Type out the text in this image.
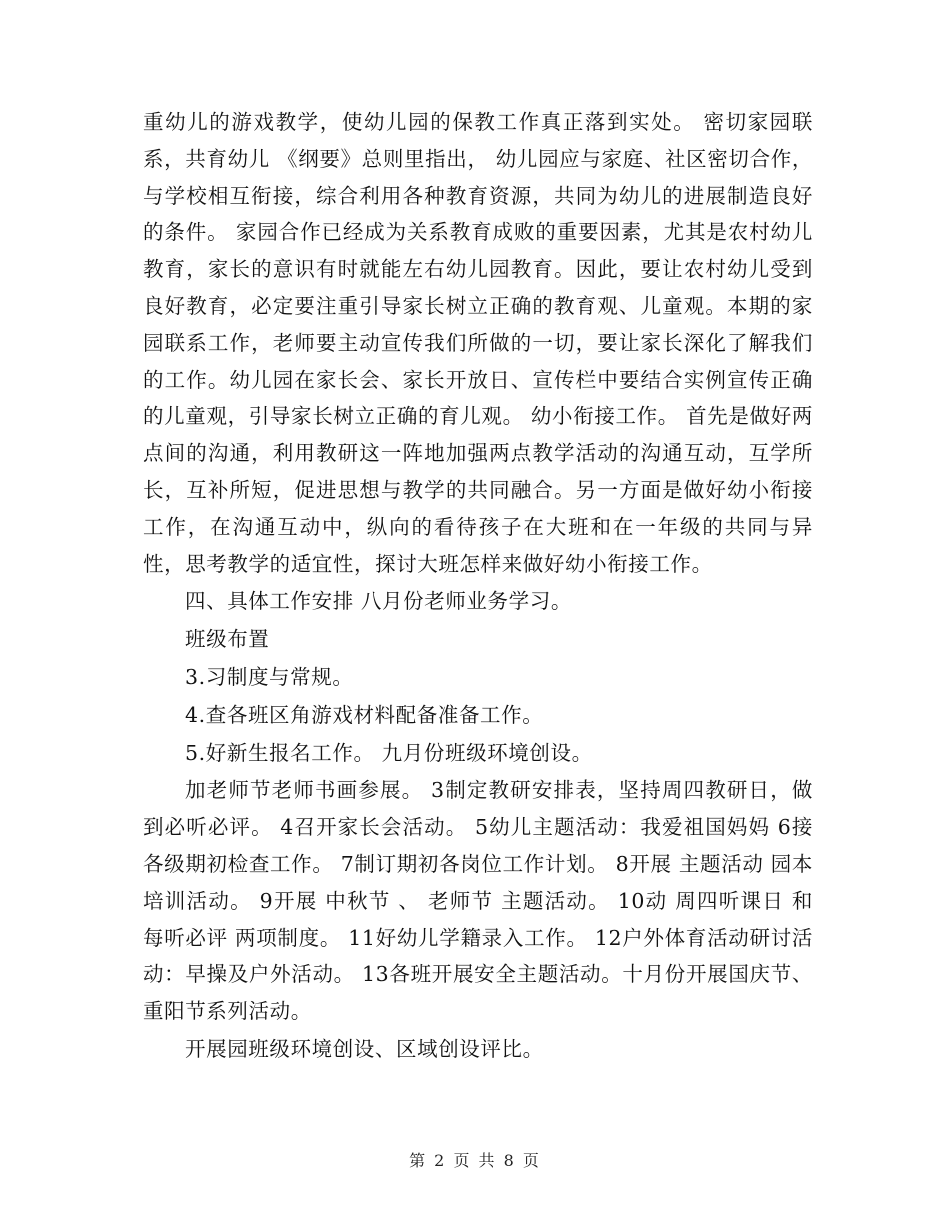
重幼儿的游戏教学，使幼儿园的保教工作真正落到实处。 密切家园联系，共育幼儿 《纲要》总则里指出， 幼儿园应与家庭、社区密切合作，与学校相互衔接，综合利用各种教育资源，共同为幼儿的进展制造良好的条件。 家园合作已经成为关系教育成败的重要因素，尤其是农村幼儿教育，家长的意识有时就能左右幼儿园教育。因此，要让农村幼儿受到良好教育，必定要注重引导家长树立正确的教育观、儿童观。本期的家园联系工作，老师要主动宣传我们所做的一切，要让家长深化了解我们的工作。幼儿园在家长会、家长开放日、宣传栏中要结合实例宣传正确的儿童观，引导家长树立正确的育儿观。 幼小衔接工作。 首先是做好两点间的沟通，利用教研这一阵地加强两点教学活动的沟通互动，互学所长，互补所短，促进思想与教学的共同融合。另一方面是做好幼小衔接工作，在沟通互动中，纵向的看待孩子在大班和在一年级的共同与异性，思考教学的适宜性，探讨大班怎样来做好幼小衔接工作。

四、具体工作安排 八月份老师业务学习。

班级布置

3.习制度与常规。

4.查各班区角游戏材料配备准备工作。

5.好新生报名工作。 九月份班级环境创设。

加老师节老师书画参展。 3制定教研安排表，坚持周四教研日，做到必听必评。 4召开家长会活动。 5幼儿主题活动：我爱祖国妈妈 6接各级期初检查工作。 7制订期初各岗位工作计划。 8开展 主题活动 园本培训活动。 9开展 中秋节 、 老师节 主题活动。 10动 周四听课日 和 每听必评 两项制度。 11好幼儿学籍录入工作。 12户外体育活动研讨活动：早操及户外活动。 13各班开展安全主题活动。十月份开展国庆节、重阳节系列活动。

开展园班级环境创设、区域创设评比。

第 2 页 共 8 页
